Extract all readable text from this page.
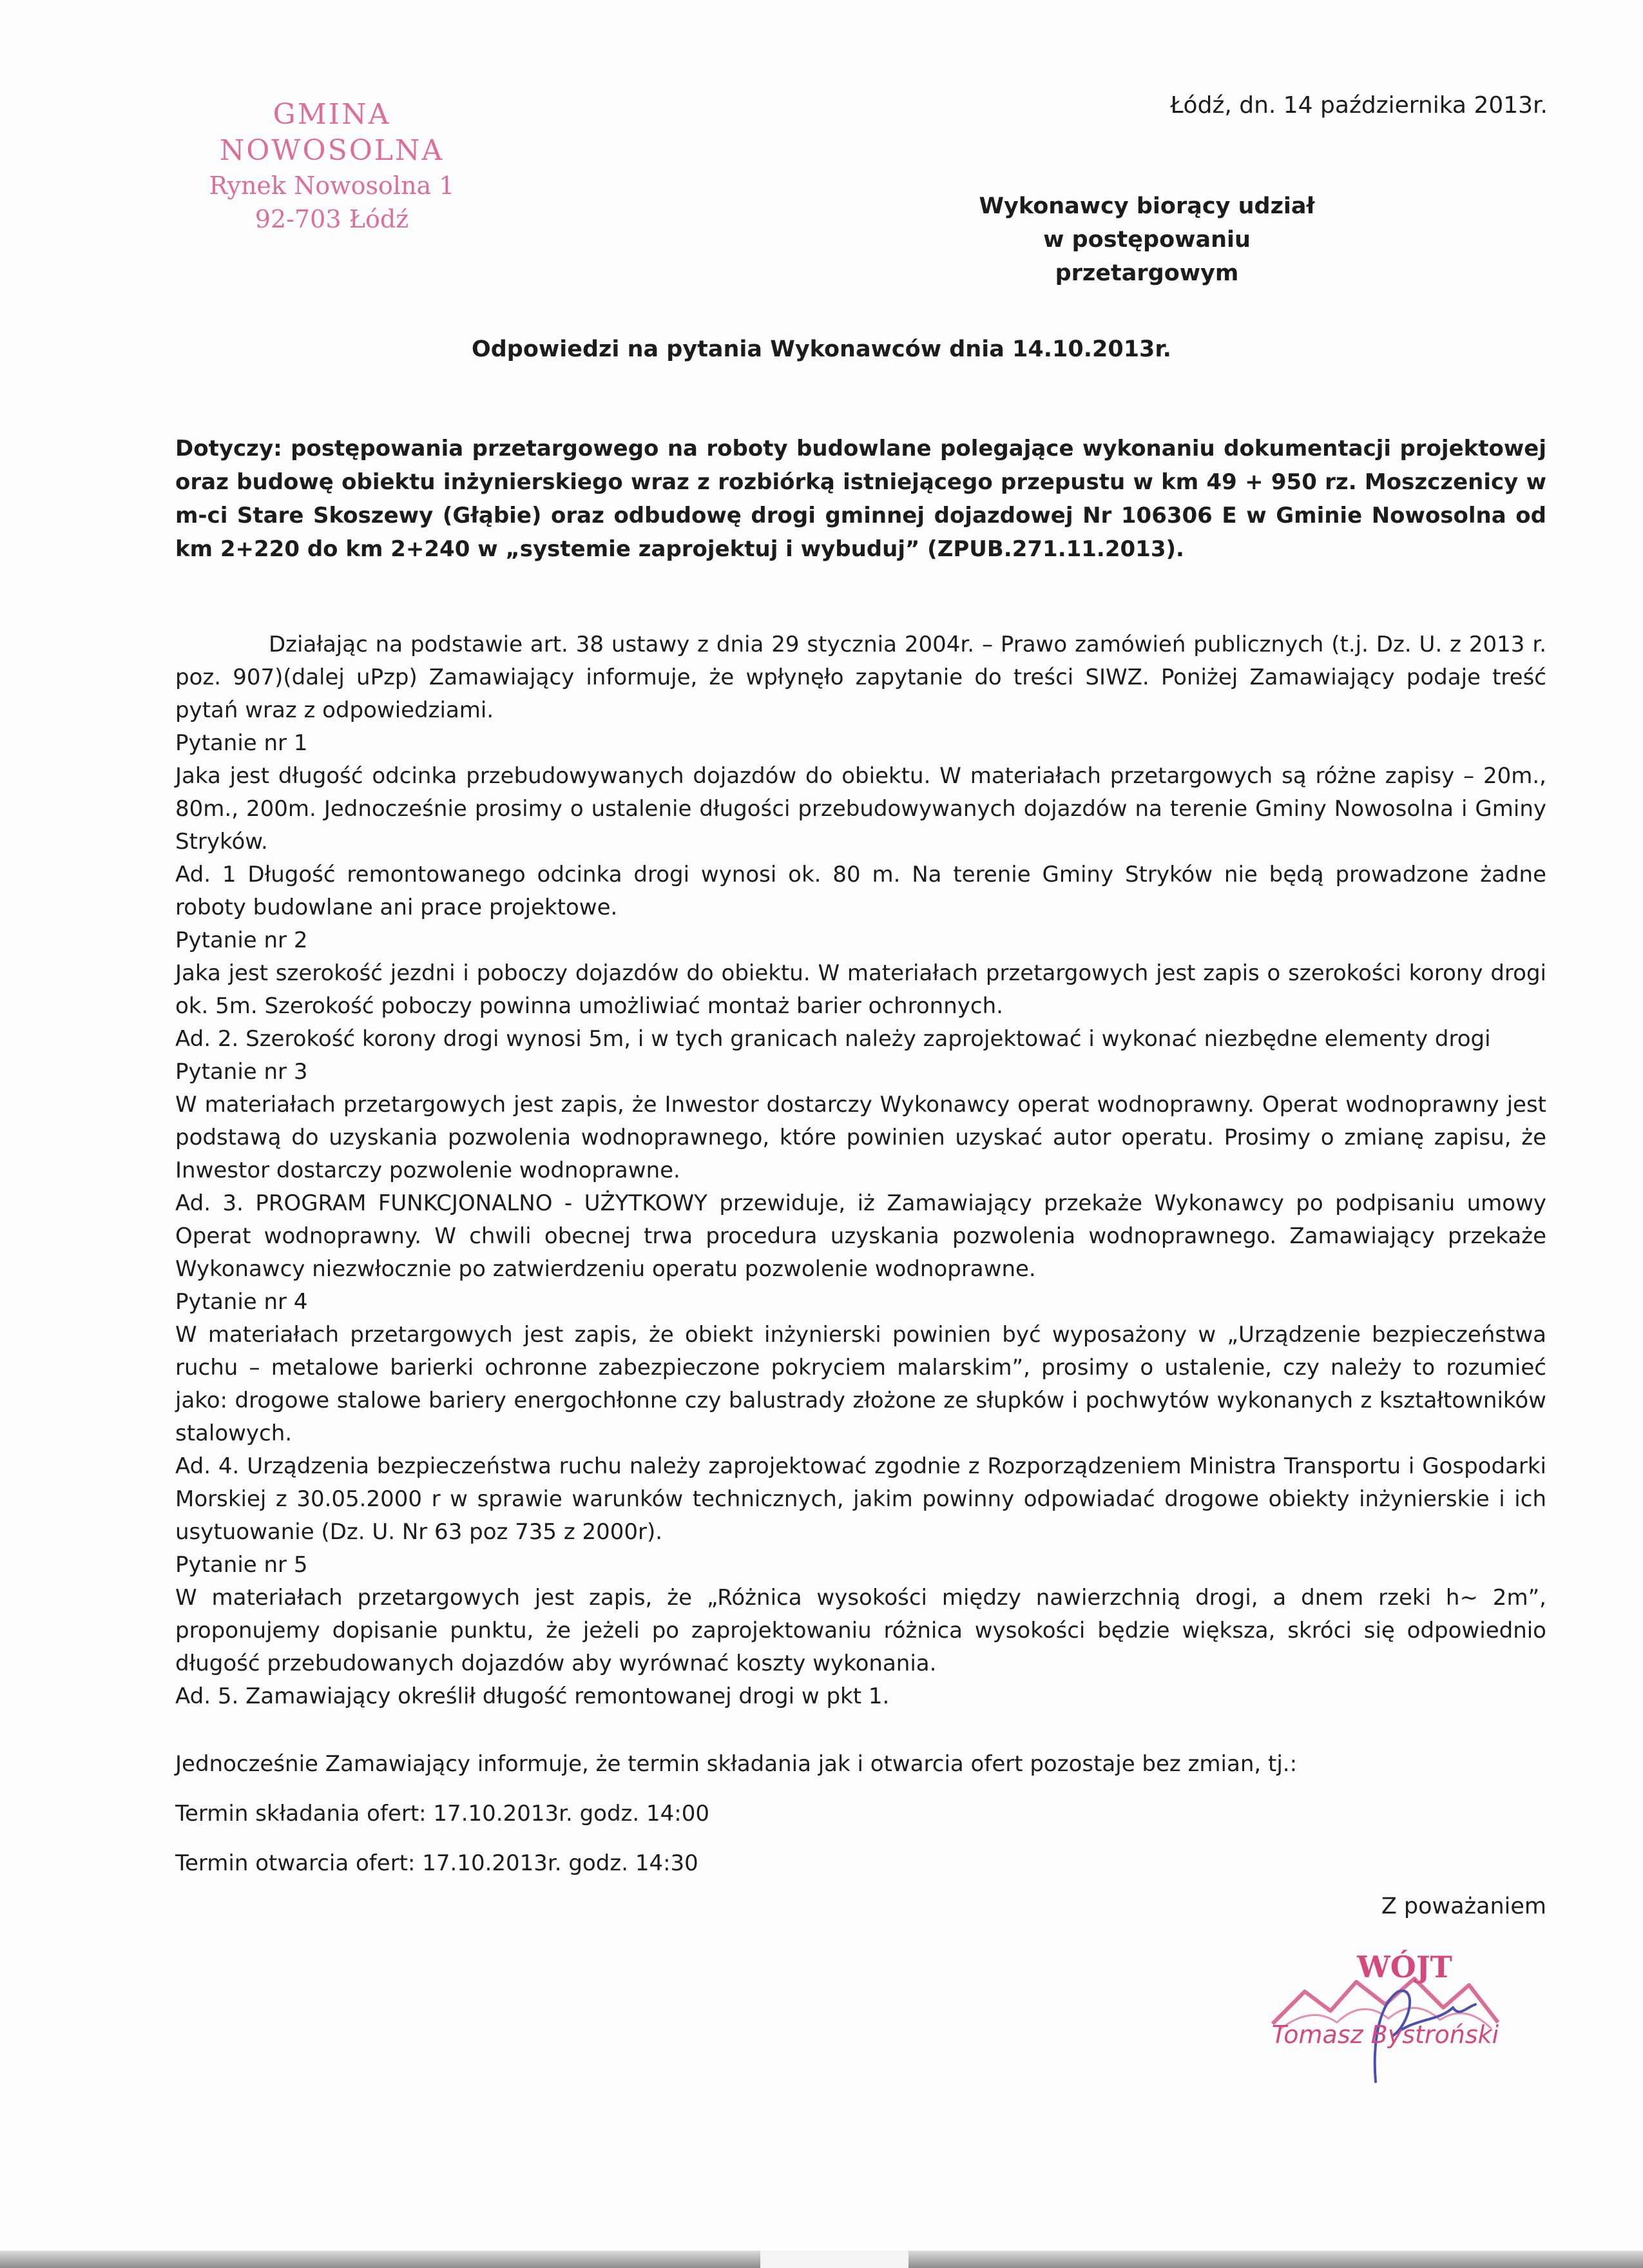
GMINA NOWOSOLNA
Rynek Nowosolna 1
92-703 Łódź
Łódź, dn. 14 października 2013r.
Wykonawcy biorący udział
w postępowaniu przetargowym
Odpowiedzi na pytania Wykonawców dnia 14.10.2013r.
Dotyczy: postępowania przetargowego na roboty budowlane polegające wykonaniu dokumentacji projektowej oraz budowę obiektu inżynierskiego wraz z rozbiórką istniejącego przepustu w km 49 + 950 rz. Moszczenicy w m-ci Stare Skoszewy (Głąbie) oraz odbudowę drogi gminnej dojazdowej Nr 106306 E w Gminie Nowosolna od km 2+220 do km 2+240 w „systemie zaprojektuj i wybuduj” (ZPUB.271.11.2013).

Działając na podstawie art. 38 ustawy z dnia 29 stycznia 2004r. – Prawo zamówień publicznych (t.j. Dz. U. z 2013 r. poz. 907)(dalej uPzp) Zamawiający informuje, że wpłynęło zapytanie do treści SIWZ. Poniżej Zamawiający podaje treść pytań wraz z odpowiedziami.

Pytanie nr 1

Jaka jest długość odcinka przebudowywanych dojazdów do obiektu. W materiałach przetargowych są różne zapisy – 20m., 80m., 200m. Jednocześnie prosimy o ustalenie długości przebudowywanych dojazdów na terenie Gminy Nowosolna i Gminy Stryków.

Ad. 1 Długość remontowanego odcinka drogi wynosi ok. 80 m. Na terenie Gminy Stryków nie będą prowadzone żadne roboty budowlane ani prace projektowe.

Pytanie nr 2

Jaka jest szerokość jezdni i poboczy dojazdów do obiektu. W materiałach przetargowych jest zapis o szerokości korony drogi ok. 5m. Szerokość poboczy powinna umożliwiać montaż barier ochronnych.

Ad. 2. Szerokość korony drogi wynosi 5m, i w tych granicach należy zaprojektować i wykonać niezbędne elementy drogi

Pytanie nr 3

W materiałach przetargowych jest zapis, że Inwestor dostarczy Wykonawcy operat wodnoprawny. Operat wodnoprawny jest podstawą do uzyskania pozwolenia wodnoprawnego, które powinien uzyskać autor operatu. Prosimy o zmianę zapisu, że Inwestor dostarczy pozwolenie wodnoprawne.

Ad. 3. PROGRAM FUNKCJONALNO - UŻYTKOWY przewiduje, iż Zamawiający przekaże Wykonawcy po podpisaniu umowy Operat wodnoprawny. W chwili obecnej trwa procedura uzyskania pozwolenia wodnoprawnego. Zamawiający przekaże Wykonawcy niezwłocznie po zatwierdzeniu operatu pozwolenie wodnoprawne.

Pytanie nr 4

W materiałach przetargowych jest zapis, że obiekt inżynierski powinien być wyposażony w „Urządzenie bezpieczeństwa ruchu – metalowe barierki ochronne zabezpieczone pokryciem malarskim”, prosimy o ustalenie, czy należy to rozumieć jako: drogowe stalowe bariery energochłonne czy balustrady złożone ze słupków i pochwytów wykonanych z kształtowników stalowych.

Ad. 4. Urządzenia bezpieczeństwa ruchu należy zaprojektować zgodnie z Rozporządzeniem Ministra Transportu i Gospodarki Morskiej z 30.05.2000 r w sprawie warunków technicznych, jakim powinny odpowiadać drogowe obiekty inżynierskie i ich usytuowanie (Dz. U. Nr 63 poz 735 z 2000r).

Pytanie nr 5

W materiałach przetargowych jest zapis, że „Różnica wysokości między nawierzchnią drogi, a dnem rzeki h~ 2m”, proponujemy dopisanie punktu, że jeżeli po zaprojektowaniu różnica wysokości będzie większa, skróci się odpowiednio długość przebudowanych dojazdów aby wyrównać koszty wykonania.

Ad. 5. Zamawiający określił długość remontowanej drogi w pkt 1.

Jednocześnie Zamawiający informuje, że termin składania jak i otwarcia ofert pozostaje bez zmian, tj.:

Termin składania ofert: 17.10.2013r. godz. 14:00

Termin otwarcia ofert: 17.10.2013r. godz. 14:30

Z poważaniem
WÓJT
Tomasz Bystroński
